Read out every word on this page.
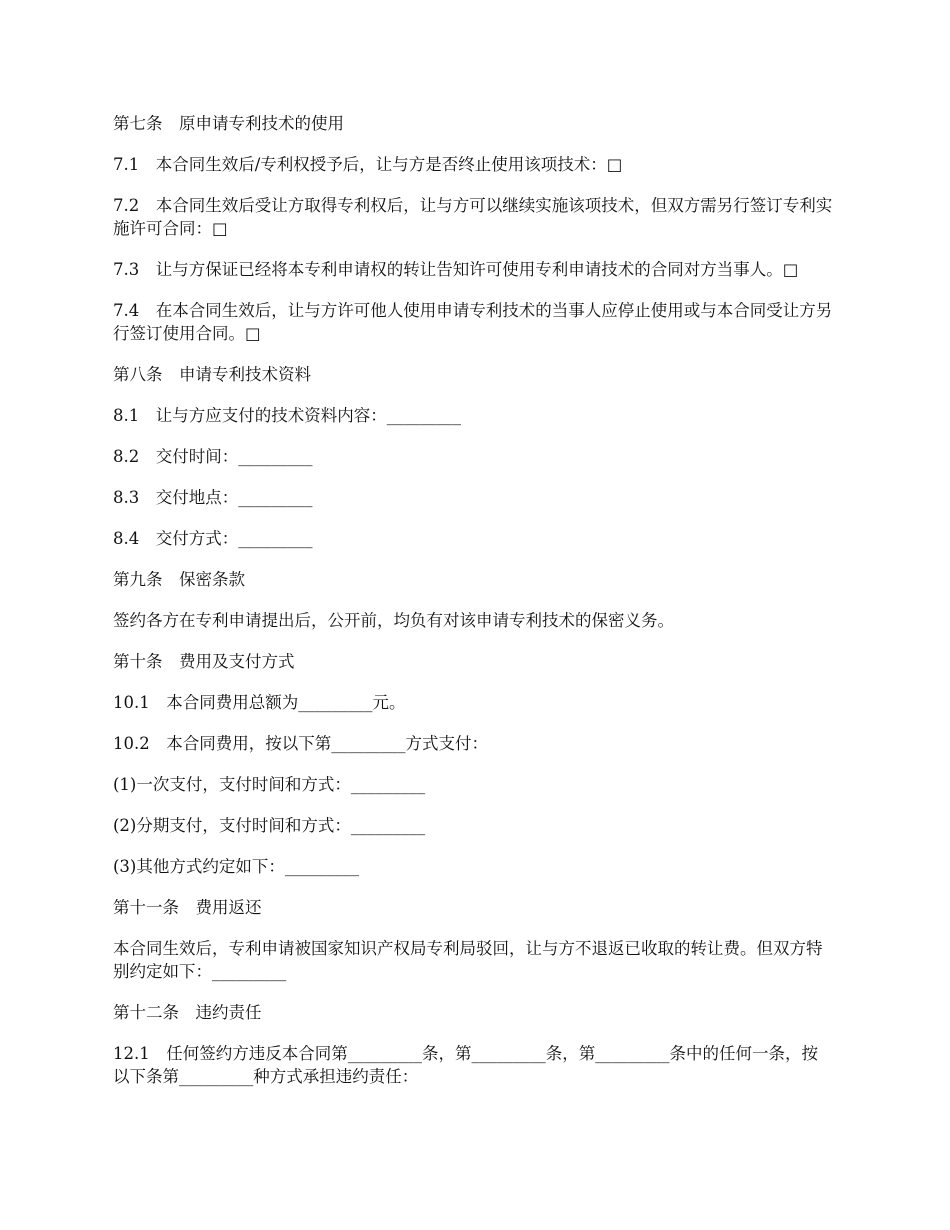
第七条　原申请专利技术的使用

7.1　本合同生效后/专利权授予后，让与方是否终止使用该项技术：□

7.2　本合同生效后受让方取得专利权后，让与方可以继续实施该项技术，但双方需另行签订专利实施许可合同：□

7.3　让与方保证已经将本专利申请权的转让告知许可使用专利申请技术的合同对方当事人。□

7.4　在本合同生效后，让与方许可他人使用申请专利技术的当事人应停止使用或与本合同受让方另行签订使用合同。□

第八条　申请专利技术资料

8.1　让与方应支付的技术资料内容：_________

8.2　交付时间：_________

8.3　交付地点：_________

8.4　交付方式：_________

第九条　保密条款

签约各方在专利申请提出后，公开前，均负有对该申请专利技术的保密义务。

第十条　费用及支付方式

10.1　本合同费用总额为_________元。

10.2　本合同费用，按以下第_________方式支付：

(1)一次支付，支付时间和方式：_________

(2)分期支付，支付时间和方式：_________

(3)其他方式约定如下：_________

第十一条　费用返还

本合同生效后，专利申请被国家知识产权局专利局驳回，让与方不退返已收取的转让费。但双方特别约定如下：_________

第十二条　违约责任

12.1　任何签约方违反本合同第_________条，第_________条，第_________条中的任何一条，按以下条第_________种方式承担违约责任：
